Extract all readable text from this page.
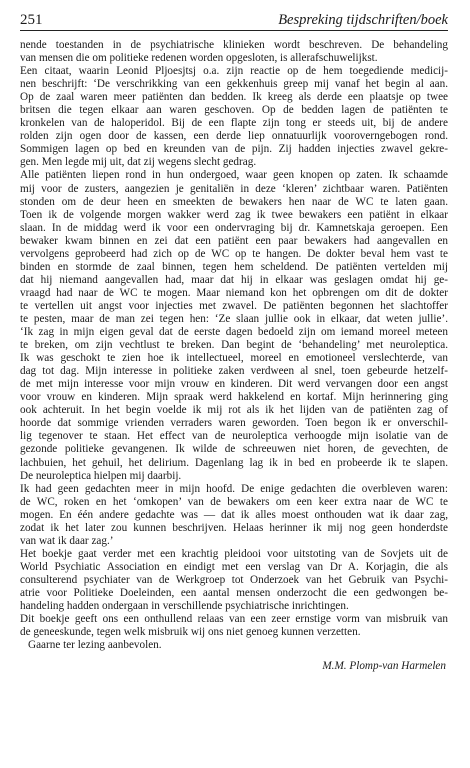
251	Bespreking tijdschriften/boek
nende toestanden in de psychiatrische klinieken wordt beschreven. De behandeling
van mensen die om politieke redenen worden opgesloten, is allerafschuwelijkst.
Een citaat, waarin Leonid Pljoesjtsj o.a. zijn reactie op de hem toegediende medicij-
nen beschrijft: ‘De verschrikking van een gekkenhuis greep mij vanaf het begin al aan.
Op de zaal waren meer patiënten dan bedden. Ik kreeg als derde een plaatsje op twee
britsen die tegen elkaar aan waren geschoven. Op de bedden lagen de patiënten te
kronkelen van de haloperidol. Bij de een flapte zijn tong er steeds uit, bij de andere
rolden zijn ogen door de kassen, een derde liep onnatuurlijk vooroverngebogen rond.
Sommigen lagen op bed en kreunden van de pijn. Zij hadden injecties zwavel gekre-
gen. Men legde mij uit, dat zij wegens slecht gedrag.
Alle patiënten liepen rond in hun ondergoed, waar geen knopen op zaten. Ik schaamde
mij voor de zusters, aangezien je genitaliën in deze ‘kleren’ zichtbaar waren. Patiënten
stonden om de deur heen en smeekten de bewakers hen naar de WC te laten gaan.
Toen ik de volgende morgen wakker werd zag ik twee bewakers een patiënt in elkaar
slaan. In de middag werd ik voor een ondervraging bij dr. Kamnetskaja geroepen. Een
bewaker kwam binnen en zei dat een patiënt een paar bewakers had aangevallen en
vervolgens geprobeerd had zich op de WC op te hangen. De dokter beval hem vast te
binden en stormde de zaal binnen, tegen hem scheldend. De patiënten vertelden mij
dat hij niemand aangevallen had, maar dat hij in elkaar was geslagen omdat hij ge-
vraagd had naar de WC te mogen. Maar niemand kon het opbrengen om dit de dokter
te vertellen uit angst voor injecties met zwavel. De patiënten begonnen het slachtoffer
te pesten, maar de man zei tegen hen: ‘Ze slaan jullie ook in elkaar, dat weten jullie’.
‘Ik zag in mijn eigen geval dat de eerste dagen bedoeld zijn om iemand moreel meteen
te breken, om zijn vechtlust te breken. Dan begint de ‘behandeling’ met neuroleptica.
Ik was geschokt te zien hoe ik intellectueel, moreel en emotioneel verslechterde, van
dag tot dag. Mijn interesse in politieke zaken verdween al snel, toen gebeurde hetzelf-
de met mijn interesse voor mijn vrouw en kinderen. Dit werd vervangen door een angst
voor vrouw en kinderen. Mijn spraak werd hakkelend en kortaf. Mijn herinnering ging
ook achteruit. In het begin voelde ik mij rot als ik het lijden van de patiënten zag of
hoorde dat sommige vrienden verraders waren geworden. Toen begon ik er onverschil-
lig tegenover te staan. Het effect van de neuroleptica verhoogde mijn isolatie van de
gezonde politieke gevangenen. Ik wilde de schreeuwen niet horen, de gevechten, de
lachbuien, het gehuil, het delirium. Dagenlang lag ik in bed en probeerde ik te slapen.
De neuroleptica hielpen mij daarbij.
Ik had geen gedachten meer in mijn hoofd. De enige gedachten die overbleven waren:
de WC, roken en het ‘omkopen’ van de bewakers om een keer extra naar de WC te
mogen. En één andere gedachte was — dat ik alles moest onthouden wat ik daar zag,
zodat ik het later zou kunnen beschrijven. Helaas herinner ik mij nog geen honderdste
van wat ik daar zag.’
Het boekje gaat verder met een krachtig pleidooi voor uitstoting van de Sovjets uit de
World Psychiatic Association en eindigt met een verslag van Dr A. Korjagin, die als
consulterend psychiater van de Werkgroep tot Onderzoek van het Gebruik van Psychi-
atrie voor Politieke Doeleinden, een aantal mensen onderzocht die een gedwongen be-
handeling hadden ondergaan in verschillende psychiatrische inrichtingen.
Dit boekje geeft ons een onthullend relaas van een zeer ernstige vorm van misbruik van
de geneeskunde, tegen welk misbruik wij ons niet genoeg kunnen verzetten.
Gaarne ter lezing aanbevolen.
M.M. Plomp-van Harmelen
